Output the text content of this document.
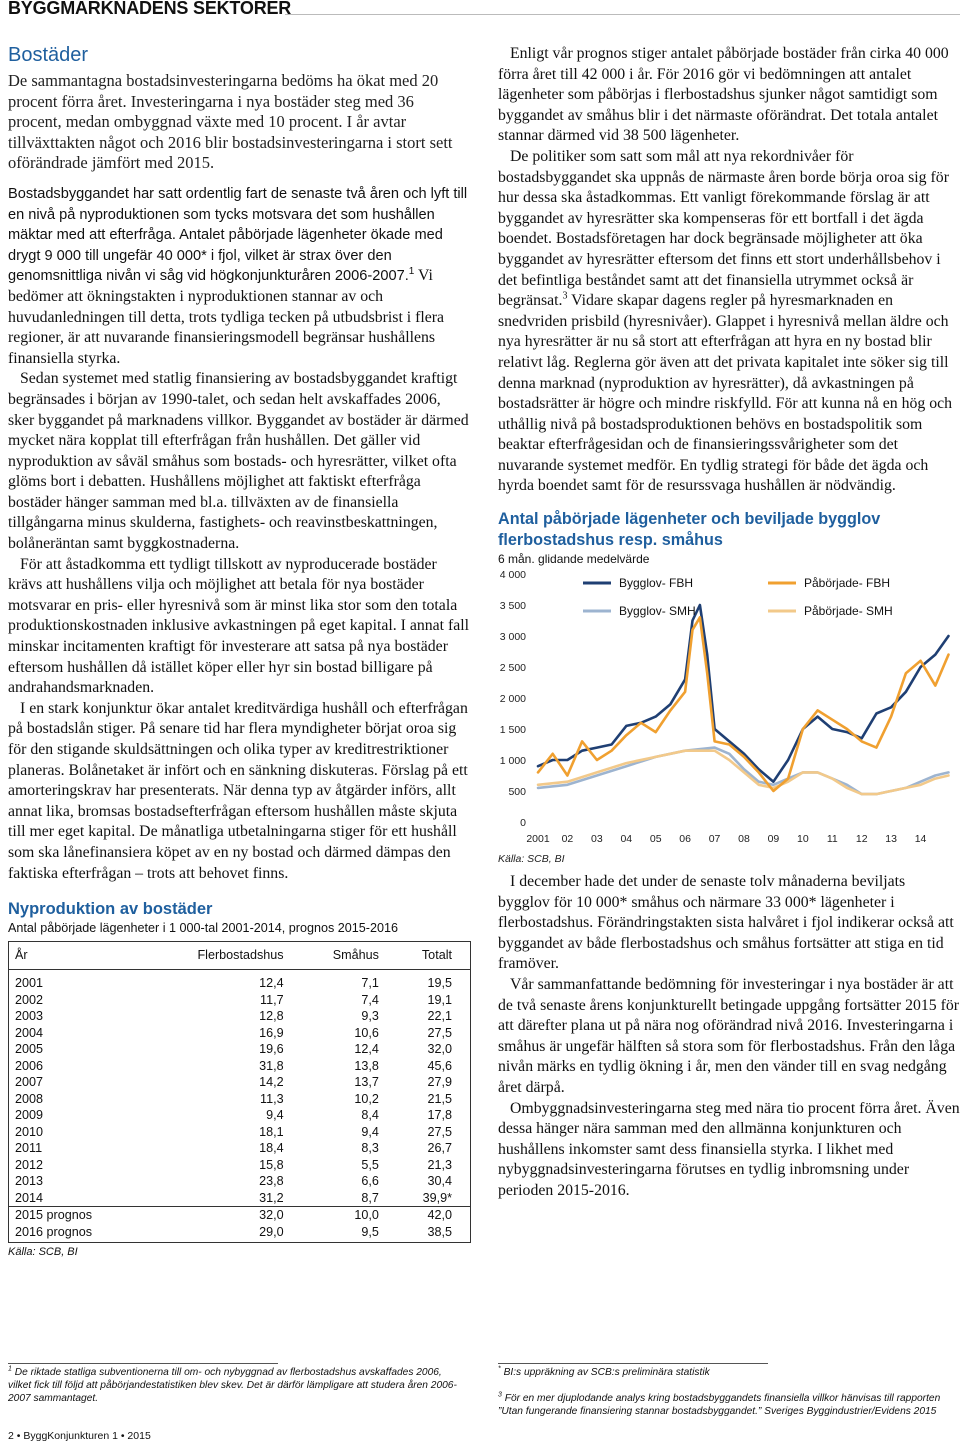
BYGGMARKNADENS SEKTORER
Bostäder

De sammantagna bostadsinvesteringarna bedöms ha ökat med 20 procent förra året. Investeringarna i nya bostäder steg med 36 procent, medan ombyggnad växte med 10 procent. I år avtar tillväxttakten något och 2016 blir bostadsinvesteringarna i stort sett oförändrade jämfört med 2015.

Bostadsbyggandet har satt ordentlig fart de senaste två åren och lyft till en nivå på nyproduktionen som tycks motsvara det som hushållen mäktar med att efterfråga. Antalet påbörjade lägenheter ökade med drygt 9 000 till ungefär 40 000* i fjol, vilket är strax över den genomsnittliga nivån vi såg vid högkonjunkturåren 2006-2007.$^1$ Vi bedömer att ökningstakten i nyproduktionen stannar av och huvudanledningen till detta, trots tydliga tecken på utbudsbrist i flera regioner, är att nuvarande finansieringsmodell begränsar hushållens finansiella styrka.

Sedan systemet med statlig finansiering av bostadsbyggandet kraftigt begränsades i början av 1990-talet, och sedan helt avskaffades 2006, sker byggandet på marknadens villkor. Byggandet av bostäder är därmed mycket nära kopplat till efterfrågan från hushållen. Det gäller vid nyproduktion av såväl småhus som bostads- och hyresrätter, vilket ofta glöms bort i debatten. Hushållens möjlighet att faktiskt efterfråga bostäder hänger samman med bl.a. tillväxten av de finansiella tillgångarna minus skulderna, fastighets- och reavinstbeskattningen, bolåneräntan samt byggkostnaderna.

För att åstadkomma ett tydligt tillskott av nyproducerade bostäder krävs att hushållens vilja och möjlighet att betala för nya bostäder motsvarar en pris- eller hyresnivå som är minst lika stor som den totala produktionskostnaden inklusive avkastningen på eget kapital. I annat fall minskar incitamenten kraftigt för investerare att satsa på nya bostäder eftersom hushållen då istället köper eller hyr sin bostad billigare på andrahandsmarknaden.

I en stark konjunktur ökar antalet kreditvärdiga hushåll och efterfrågan på bostadslån stiger. På senare tid har flera myndigheter börjat oroa sig för den stigande skuldsättningen och olika typer av kreditrestriktioner planeras. Bolånetaket är infört och en sänkning diskuteras. Förslag på ett amorteringskrav har presenterats. När denna typ av åtgärder införs, allt annat lika, bromsas bostadsefterfrågan eftersom hushållen måste skjuta till mer eget kapital. De månatliga utbetalningarna stiger för ett hushåll som ska lånefinansiera köpet av en ny bostad och därmed dämpas den faktiska efterfrågan – trots att behovet finns.

Nyproduktion av bostäder
Antal påbörjade lägenheter i 1 000-tal 2001-2014, prognos 2015-2016
År	Flerbostadshus	Småhus	Totalt
2001	12,4	7,1	19,5
2002	11,7	7,4	19,1
2003	12,8	9,3	22,1
2004	16,9	10,6	27,5
2005	19,6	12,4	32,0
2006	31,8	13,8	45,6
2007	14,2	13,7	27,9
2008	11,3	10,2	21,5
2009	9,4	8,4	17,8
2010	18,1	9,4	27,5
2011	18,4	8,3	26,7
2012	15,8	5,5	21,3
2013	23,8	6,6	30,4
2014	31,2	8,7	39,9*
2015 prognos	32,0	10,0	42,0
2016 prognos	29,0	9,5	38,5
Källa: SCB, BI

Enligt vår prognos stiger antalet påbörjade bostäder från cirka 40 000 förra året till 42 000 i år. För 2016 gör vi bedömningen att antalet lägenheter som påbörjas i flerbostadshus sjunker något samtidigt som byggandet av småhus blir i det närmaste oförändrat. Det totala antalet stannar därmed vid 38 500 lägenheter.

De politiker som satt som mål att nya rekordnivåer för bostadsbyggandet ska uppnås de närmaste åren borde börja oroa sig för hur dessa ska åstadkommas. Ett vanligt förekommande förslag är att byggandet av hyresrätter ska kompenseras för ett bortfall i det ägda boendet. Bostadsföretagen har dock begränsade möjligheter att öka byggandet av hyresrätter eftersom det finns ett stort underhållsbehov i det befintliga beståndet samt att det finansiella utrymmet också är begränsat.$^3$ Vidare skapar dagens regler på hyresmarknaden en snedvriden prisbild (hyresnivåer). Glappet i hyresnivå mellan äldre och nya hyresrätter är nu så stort att efterfrågan att hyra en ny bostad blir relativt låg. Reglerna gör även att det privata kapitalet inte söker sig till denna marknad (nyproduktion av hyresrätter), då avkastningen på bostadsrätter är högre och mindre riskfylld. För att kunna nå en hög och uthållig nivå på bostadsproduktionen behövs en bostadspolitik som beaktar efterfrågesidan och de finansieringssvårigheter som det nuvarande systemet medför. En tydlig strategi för både det ägda och hyrda boendet samt för de resurssvaga hushållen är nödvändig.

Antal påbörjade lägenheter och beviljade bygglov flerbostadshus resp. småhus
6 mån. glidande medelvärde
0
500
1 000
1 500
2 000
2 500
3 000
3 500
4 000
2001 02 03 04 05 06 07 08 09 10 11 12 13 14
Bygglov- FBH	Påbörjade- FBH
Bygglov- SMH	Påbörjade- SMH
Källa: SCB, BI

I december hade det under de senaste tolv månaderna beviljats bygglov för 10 000* småhus och närmare 33 000* lägenheter i flerbostadshus. Förändringstakten sista halvåret i fjol indikerar också att byggandet av både flerbostadshus och småhus fortsätter att stiga en tid framöver.

Vår sammanfattande bedömning för investeringar i nya bostäder är att de två senaste årens konjunkturellt betingade uppgång fortsätter 2015 för att därefter plana ut på nära nog oförändrad nivå 2016. Investeringarna i småhus är ungefär hälften så stora som för flerbostadshus. Från den låga nivån märks en tydlig ökning i år, men den vänder till en svag nedgång året därpå.

Ombyggnadsinvesteringarna steg med nära tio procent förra året. Även dessa hänger nära samman med den allmänna konjunkturen och hushållens inkomster samt dess finansiella styrka. I likhet med nybyggnadsinvesteringarna förutses en tydlig inbromsning under perioden 2015-2016.

$^1$ De riktade statliga subventionerna till om- och nybyggnad av flerbostadshus avskaffades 2006, vilket fick till följd att påbörjandestatistiken blev skev. Det är därför lämpligare att studera åren 2006-2007 sammantaget.
* BI:s uppräkning av SCB:s preliminära statistik
$^3$ För en mer djuplodande analys kring bostadsbyggandets finansiella villkor hänvisas till rapporten ”Utan fungerande finansiering stannar bostadsbyggandet.” Sveriges Byggindustrier/Evidens 2015
2 • ByggKonjunkturen 1 • 2015
